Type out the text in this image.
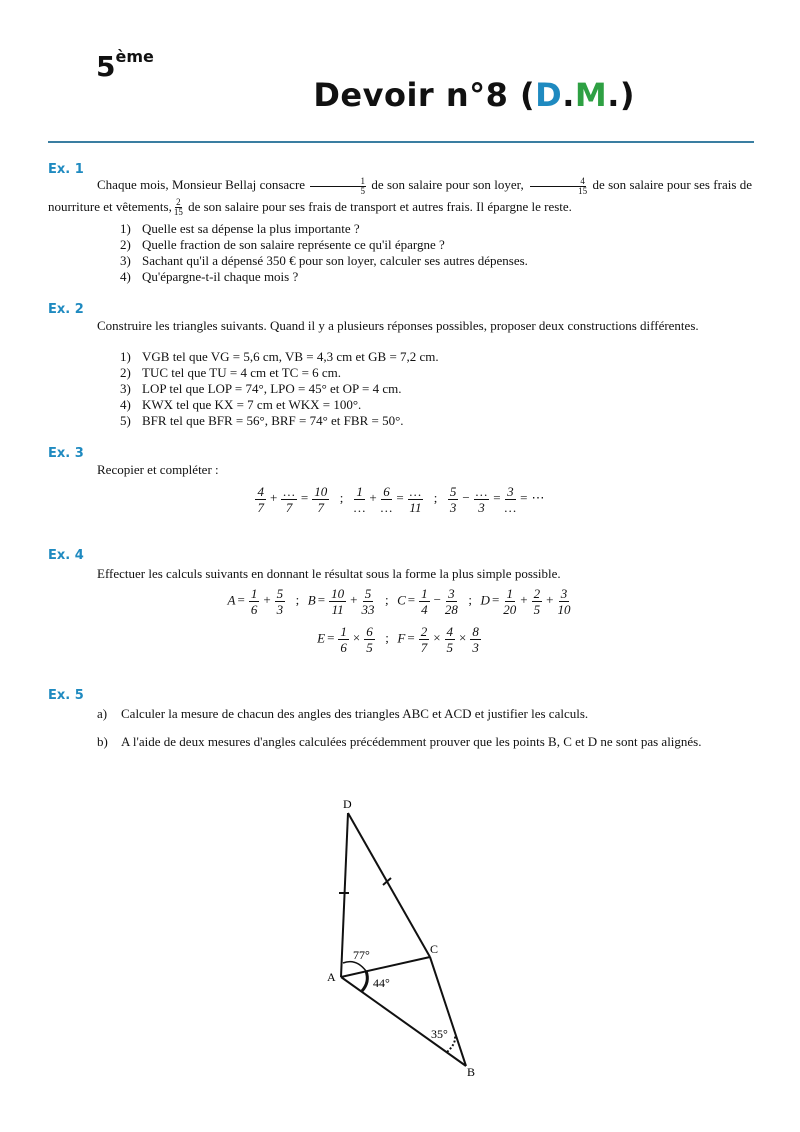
5ème
Devoir n°8 (D.M.)
Ex. 1
Chaque mois, Monsieur Bellaj consacre $\frac{1}{5}$ de son salaire pour son loyer, $\frac{4}{15}$ de son salaire pour ses frais de
nourriture et vêtements, $\frac{2}{15}$ de son salaire pour ses frais de transport et autres frais. Il épargne le reste.
1) Quelle est sa dépense la plus importante ?
2) Quelle fraction de son salaire représente ce qu'il épargne ?
3) Sachant qu'il a dépensé 350 € pour son loyer, calculer ses autres dépenses.
4) Qu'épargne-t-il chaque mois ?
Ex. 2
Construire les triangles suivants. Quand il y a plusieurs réponses possibles, proposer deux constructions différentes.
1) VGB tel que VG = 5,6 cm, VB = 4,3 cm et GB = 7,2 cm.
2) TUC tel que TU = 4 cm et TC = 6 cm.
3) LOP tel que LOP = 74°, LPO = 45° et OP = 4 cm.
4) KWX tel que KX = 7 cm et WKX = 100°.
5) BFR tel que BFR = 56°, BRF = 74° et FBR = 50°.
Ex. 3
Recopier et compléter :
$\frac{4}{7}$ + …
7
= $\frac{10}{7}$ ; 1
…
+ 6
…
= …
11
; $\frac{5}{3}$ − …
3
= 3
…
= ⋯
Ex. 4
Effectuer les calculs suivants en donnant le résultat sous la forme la plus simple possible.
$A = \frac{1}{6} + \frac{5}{3}$ ;  $B = \frac{10}{11} + \frac{5}{33}$ ;  $C = \frac{1}{4} - \frac{3}{28}$ ;  $D = \frac{1}{20} + \frac{2}{5} + \frac{3}{10}$
$E = \frac{1}{6} \times \frac{6}{5}$ ;  $F = \frac{2}{7} \times \frac{4}{5} \times \frac{8}{3}$
Ex. 5
a) Calculer la mesure de chacun des angles des triangles ABC et ACD et justifier les calculs.
b)	A l'aide de deux mesures d'angles calculées précédemment prouver que les points B, C et D ne sont pas alignés.
D
C
A
B
77°
44°
35°
